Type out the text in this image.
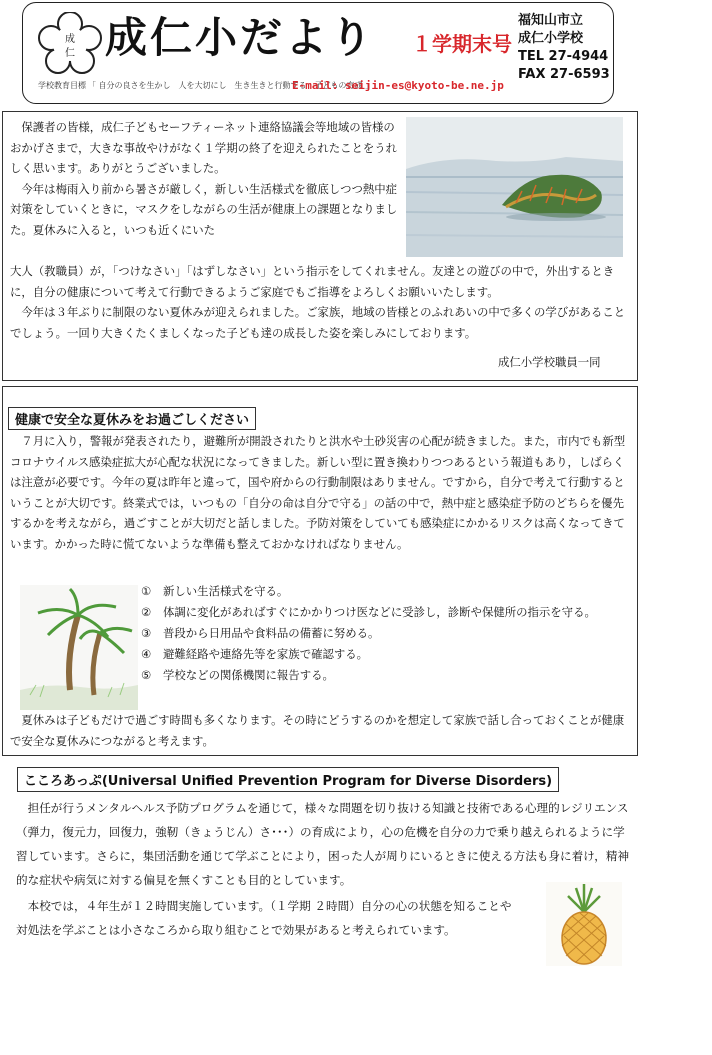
成
仁 成仁小だより １学期末号
福知山市立
成仁小学校
TEL 27-4944
FAX 27-6593
学校教育目標 「 自分の良さを生かし　人を大切にし　生き生きと行動する　子どもの育成 」
E-mail: seijin-es@kyoto-be.ne.jp

　保護者の皆様，成仁子どもセーフティーネット連絡協議会等地域の皆様のおかげさまで，大きな事故やけがなく１学期の終了を迎えられたことをうれしく思います。ありがとうございました。

　今年は梅雨入り前から暑さが厳しく，新しい生活様式を徹底しつつ熱中症対策をしていくときに，マスクをしながらの生活が健康上の課題となりました。夏休みに入ると，いつも近くにいた

大人（教職員）が，「つけなさい」「はずしなさい」という指示をしてくれません。友達との遊びの中で，外出するときに，自分の健康について考えて行動できるようご家庭でもご指導をよろしくお願いいたします。

　今年は３年ぶりに制限のない夏休みが迎えられました。ご家族，地域の皆様とのふれあいの中で多くの学びがあることでしょう。一回り大きくたくましくなった子ども達の成長した姿を楽しみにしております。

成仁小学校職員一同
健康で安全な夏休みをお過ごしください

　７月に入り，警報が発表されたり，避難所が開設されたりと洪水や土砂災害の心配が続きました。また，市内でも新型コロナウイルス感染症拡大が心配な状況になってきました。新しい型に置き換わりつつあるという報道もあり，しばらくは注意が必要です。今年の夏は昨年と違って，国や府からの行動制限はありません。ですから，自分で考えて行動するということが大切です。終業式では，いつもの「自分の命は自分で守る」の話の中で，熱中症と感染症予防のどちらを優先するかを考えながら，過ごすことが大切だと話しました。予防対策をしていても感染症にかかるリスクは高くなってきています。かかった時に慌てないような準備も整えておかなければなりません。

①	新しい生活様式を守る。
②	体調に変化があればすぐにかかりつけ医などに受診し，診断や保健所の指示を守る。
③	普段から日用品や食料品の備蓄に努める。
④	避難経路や連絡先等を家族で確認する。
⑤	学校などの関係機関に報告する。

　夏休みは子どもだけで過ごす時間も多くなります。その時にどうするのかを想定して家族で話し合っておくことが健康で安全な夏休みにつながると考えます。

こころあっぷ(Universal Unified Prevention Program for Diverse Disorders)
　担任が行うメンタルヘルス予防プログラムを通じて，様々な問題を切り抜ける知識と技術である心理的レジリエンス（弾力，復元力，回復力，強靭（きょうじん）さ･･･）の育成により，心の危機を自分の力で乗り越えられるように学習しています。さらに，集団活動を通じて学ぶことにより，困った人が周りにいるときに使える方法も身に着け，精神的な症状や病気に対する偏見を無くすことも目的としています。
　本校では，４年生が１２時間実施しています。（１学期 ２時間）自分の心の状態を知ることや対処法を学ぶことは小さなころから取り組むことで効果があると考えられています。
